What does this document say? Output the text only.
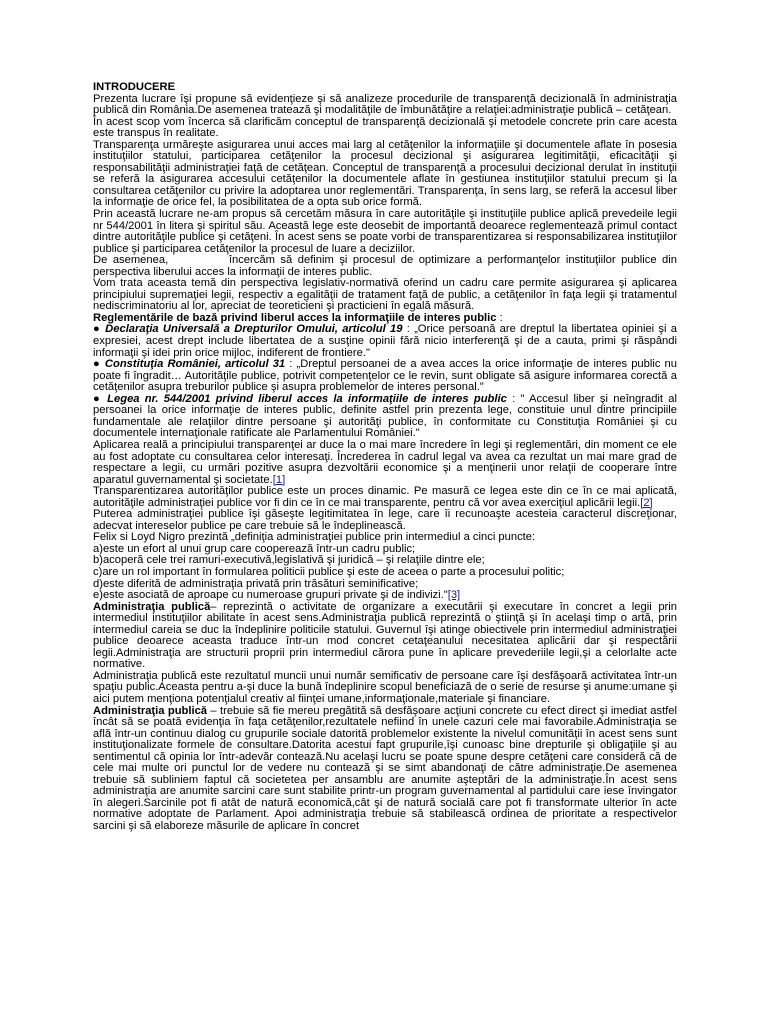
INTRODUCERE

Prezenta lucrare îşi propune să evidenţieze şi să analizeze procedurile de transparenţă decizională în administraţia publică din România.De asemenea tratează şi modalităţile de îmbunătăţire a relaţiei:administraţie publică – cetăţean.

În acest scop vom încerca să clarificăm conceptul de transparenţă decizională şi metodele concrete prin care acesta este transpus în realitate.

Transparenţa urmăreşte asigurarea unui acces mai larg al cetăţenilor la informaţiile şi documentele aflate în posesia instituţiilor statului, participarea cetăţenilor la procesul decizional şi asigurarea legitimităţii, eficacităţii şi responsabilităţii administraţiei faţă de cetăţean. Conceptul de transparenţă a procesului decizional derulat în instituţii se referă la asigurarea accesului cetăţenilor la documentele aflate în gestiunea instituţiilor statului precum şi la consultarea cetăţenilor cu privire la adoptarea unor reglementări. Transparenţa, în sens larg, se referă la accesul liber la informaţie de orice fel, la posibilitatea de a opta sub orice formă.

Prin această lucrare ne-am propus să cercetăm măsura în care autorităţile şi instituţiile publice aplică prevedeile legii nr 544/2001 în litera şi spiritul său. Această lege este deosebit de importantă deoarece reglementează primul contact dintre autorităţile publice şi cetăţeni. În acest sens se poate vorbi de transparentizarea si responsabilizarea instituţiilor publice şi participarea cetăţenilor la procesul de luare a deciziilor.

De asemenea,           încercăm să definim şi procesul de optimizare a performanţelor instituţiilor publice din perspectiva liberului acces la informaţii de interes public.

Vom trata aceasta temă din perspectiva legislativ-normativă oferind un cadru care permite asigurarea şi aplicarea principiului supremaţiei legii, respectiv a egalităţii de tratament faţă de public, a cetăţenilor în faţa legii şi tratamentul nediscriminatoriu al lor, apreciat de teoreticieni şi practicieni în egală măsură.

Reglementările de bază privind liberul acces la informaţiile de interes public :

● Declaraţia Universală a Drepturilor Omului, articolul 19 : „Orice persoană are dreptul la libertatea opiniei şi a expresiei, acest drept include libertatea de a susţine opinii fără nicio interferenţă şi de a cauta, primi şi răspândi informaţii şi idei prin orice mijloc, indiferent de frontiere."

● Constituţia României, articolul 31 : „Dreptul persoanei de a avea acces la orice informaţie de interes public nu poate fi îngradit… Autorităţile publice, potrivit competenţelor ce le revin, sunt obligate să asigure informarea corectă a cetăţenilor asupra treburilor publice şi asupra problemelor de interes personal."

● Legea nr. 544/2001 privind liberul acces la informaţiile de interes public : " Accesul liber şi neîngradit al persoanei la orice informaţie de interes public, definite astfel prin prezenta lege, constituie unul dintre principiile fundamentale ale relaţiilor dintre persoane şi autorităţi publice, în conformitate cu Constituţia României şi cu documentele internaţionale ratificate ale Parlamentului României."

Aplicarea reală a principiului transparenţei ar duce la o mai mare încredere în legi şi reglementări, din moment ce ele au fost adoptate cu consultarea celor interesaţi. Încrederea în cadrul legal va avea ca rezultat un mai mare grad de respectare a legii, cu urmări pozitive asupra dezvoltării economice şi a menţinerii unor relaţii de cooperare între aparatul guvernamental şi societate.[1]

Transparentizarea autorităţilor publice este un proces dinamic. Pe masură ce legea este din ce în ce mai aplicată, autorităţile administraţiei publice vor fi din ce în ce mai transparente, pentru că vor avea exerciţiul aplicării legii.[2]

Puterea administraţiei publice îşi găseşte legitimitatea în lege, care îi recunoaşte acesteia caracterul discreţionar, adecvat intereselor publice pe care trebuie să le îndeplinească.

Felix si Loyd Nigro prezintă „definiţia administraţiei publice prin intermediul a cinci puncte:

a)este un efort al unui grup care cooperează într-un cadru public;

b)acoperă cele trei ramuri-executivă,legislativă şi juridică – şi relaţiile dintre ele;

c)are un rol important în formularea politicii publice şi este de aceea o parte a procesului politic;

d)este diferită de administraţia privată prin trăsături seminificative;

e)este asociată de aproape cu numeroase grupuri private şi de indivizi."[3]

Administraţia publică– reprezintă o activitate de organizare a executării şi executare în concret a legii prin intermediul instituţiilor abilitate în acest sens.Administraţia publică reprezintă o ştiinţă şi în acelaşi timp o artă, prin intermediul careia se duc la îndeplinire politicile statului. Guvernul îşi atinge obiectivele prin intermediul administraţiei publice deoarece aceasta traduce într-un mod concret cetaţeanului necesitatea aplicării dar şi respectării legii.Administraţia are structurii proprii prin intermediul cărora pune în aplicare prevederiile legii,şi a celorlalte acte normative.

Administraţia publică este rezultatul muncii unui număr semificativ de persoane care îşi desfăşoară activitatea într-un spaţiu public.Aceasta pentru a-şi duce la bună îndeplinire scopul beneficiază de o serie de resurse şi anume:umane şi aici putem menţiona potenţialul creativ al fiinţei umane,informaţionale,materiale şi financiare.

Administraţia publică – trebuie să fie mereu pregătită să desfăşoare acţiuni concrete cu efect direct şi imediat astfel încât să se poată evidenţia în faţa cetăţenilor,rezultatele nefiind în unele cazuri cele mai favorabile.Administraţia se află într-un continuu dialog cu grupurile sociale datorită problemelor existente la nivelul comunităţii în acest sens sunt instituţionalizate formele de consultare.Datorita acestui fapt grupurile,îşi cunoasc bine drepturile şi obligaţiile şi au sentimentul că opinia lor într-adevăr contează.Nu acelaşi lucru se poate spune despre cetăţeni care consideră că de cele mai multe ori punctul lor de vedere nu contează şi se simt abandonaţi de către administraţie.De asemenea trebuie să subliniem faptul că societetea per ansamblu are anumite aşteptări de la administraţie.În acest sens administraţia are anumite sarcini care sunt stabilite printr-un program guvernamental al partidului care iese învingator în alegeri.Sarcinile pot fi atât de natură economică,cât şi de natură socială care pot fi transformate ulterior în acte normative adoptate de Parlament. Apoi administraţia trebuie să stabilească ordinea de prioritate a respectivelor sarcini şi să elaboreze măsurile de aplicare în concret
